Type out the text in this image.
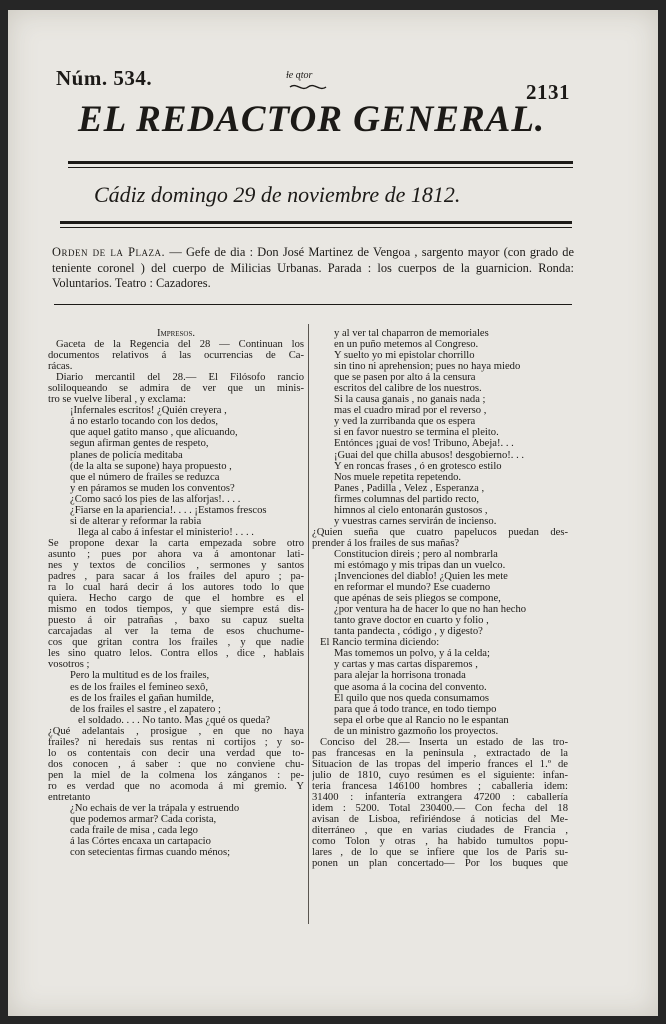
Núm. 534.	ɫe ɋtor
2131
EL REDACTOR GENERAL.
Cádiz domingo 29 de noviembre de 1812.
Orden de la Plaza. — Gefe de dia : Don José Martinez de Vengoa , sargento mayor (con grado de teniente coronel ) del cuerpo de Milicias Urbanas. Parada : los cuerpos de la guarnicion. Ronda: Voluntarios. Teatro : Cazadores.
Impresos.
Gaceta de la Regencia del 28 — Continuan los
documentos relativos á las ocurrencias de Ca-
rácas.
Diario mercantil del 28.— El Filósofo rancio
soliloqueando se admira de ver que un minis-
tro se vuelve liberal , y exclama:
¡Infernales escritos! ¿Quién creyera ,
á no estarlo tocando con los dedos,
que aquel gatito manso , que alicuando,
segun afirman gentes de respeto,
planes de policía meditaba
(de la alta se supone) haya propuesto ,
que el número de frailes se reduzca
y en páramos se muden los conventos?
¿Como sacó los pies de las alforjas!. . . .
¿Fiarse en la apariencia!. . . . ¡Estamos frescos
si de alterar y reformar la rabia
llega al cabo á infestar el ministerio! . . . .
Se propone dexar la carta empezada sobre otro
asunto ; pues por ahora va á amontonar lati-
nes y textos de concilios , sermones y santos
padres , para sacar á los frailes del apuro ; pa-
ra lo cual hará decir á los autores todo lo que
quiera. Hecho cargo de que el hombre es el
mismo en todos tiempos, y que siempre está dis-
puesto á oir patrañas , baxo su capuz suelta
carcajadas al ver la tema de esos chuchume-
cos que gritan contra los frailes , y que nadie
les sino quatro lelos. Contra ellos , dice , hablais
vosotros ;
Pero la multitud es de los frailes,
es de los frailes el femineo sexô,
es de los frailes el gañan humilde,
de los frailes el sastre , el zapatero ;
el soldado. . . . No tanto. Mas ¿qué os queda?
¿Qué adelantais , prosigue , en que no haya
frailes? ni heredais sus rentas ni cortijos ; y so-
lo os contentais con decir una verdad que to-
dos conocen , á saber : que no conviene chu-
pen la miel de la colmena los zánganos : pe-
ro es verdad que no acomoda á mi gremio. Y
entretanto
¿No echais de ver la trápala y estruendo
que podemos armar? Cada corista,
cada fraile de misa , cada lego
á las Córtes encaxa un cartapacio
con setecientas firmas cuando ménos;
y al ver tal chaparron de memoriales
en un puño metemos al Congreso.
Y suelto yo mi epistolar chorrillo
sin tino ni aprehension; pues no haya miedo
que se pasen por alto á la censura
escritos del calibre de los nuestros.
Si la causa ganais , no ganais nada ;
mas el cuadro mirad por el reverso ,
y ved la zurribanda que os espera
si en favor nuestro se termina el pleito.
Entónces ¡guai de vos! Tribuno, Abeja!. . .
¡Guai del que chilla abusos! desgobierno!. . .
Y en roncas frases , ó en grotesco estilo
Nos muele repetita repetendo.
Panes , Padilla , Velez , Esperanza ,
firmes columnas del partido recto,
himnos al cielo entonarán gustosos ,
y vuestras carnes servirán de incienso.
¿Quien sueña que cuatro papelucos puedan des-
prender á los frailes de sus mañas?
Constitucion direis ; pero al nombrarla
mi estómago y mis tripas dan un vuelco.
¡Invenciones del diablo! ¿Quien les mete
en reformar el mundo? Ese cuaderno
que apénas de seis pliegos se compone,
¿por ventura ha de hacer lo que no han hecho
tanto grave doctor en cuarto y folio ,
tanta pandecta , código , y digesto?
El Rancio termina diciendo:
Mas tomemos un polvo, y á la celda;
y cartas y mas cartas disparemos ,
para alejar la horrisona tronada
que asoma á la cocina del convento.
El quilo que nos queda consumamos
para que á todo trance, en todo tiempo
sepa el orbe que al Rancio no le espantan
de un ministro gazmoño los proyectos.
Conciso del 28.— Inserta un estado de las tro-
pas francesas en la peninsula , extractado de la
Situacion de las tropas del imperio frances el 1.º de
julio de 1810, cuyo resúmen es el siguiente: infan-
teria francesa 146100 hombres ; caballeria idem:
31400 : infantería extrangera 47200 : caballería
idem : 5200. Total 230400.— Con fecha del 18
avisan de Lisboa, refiriéndose á noticias del Me-
diterráneo , que en varias ciudades de Francia ,
como Tolon y otras , ha habido tumultos popu-
lares , de lo que se infiere que los de Paris su-
ponen un plan concertado— Por los buques que
